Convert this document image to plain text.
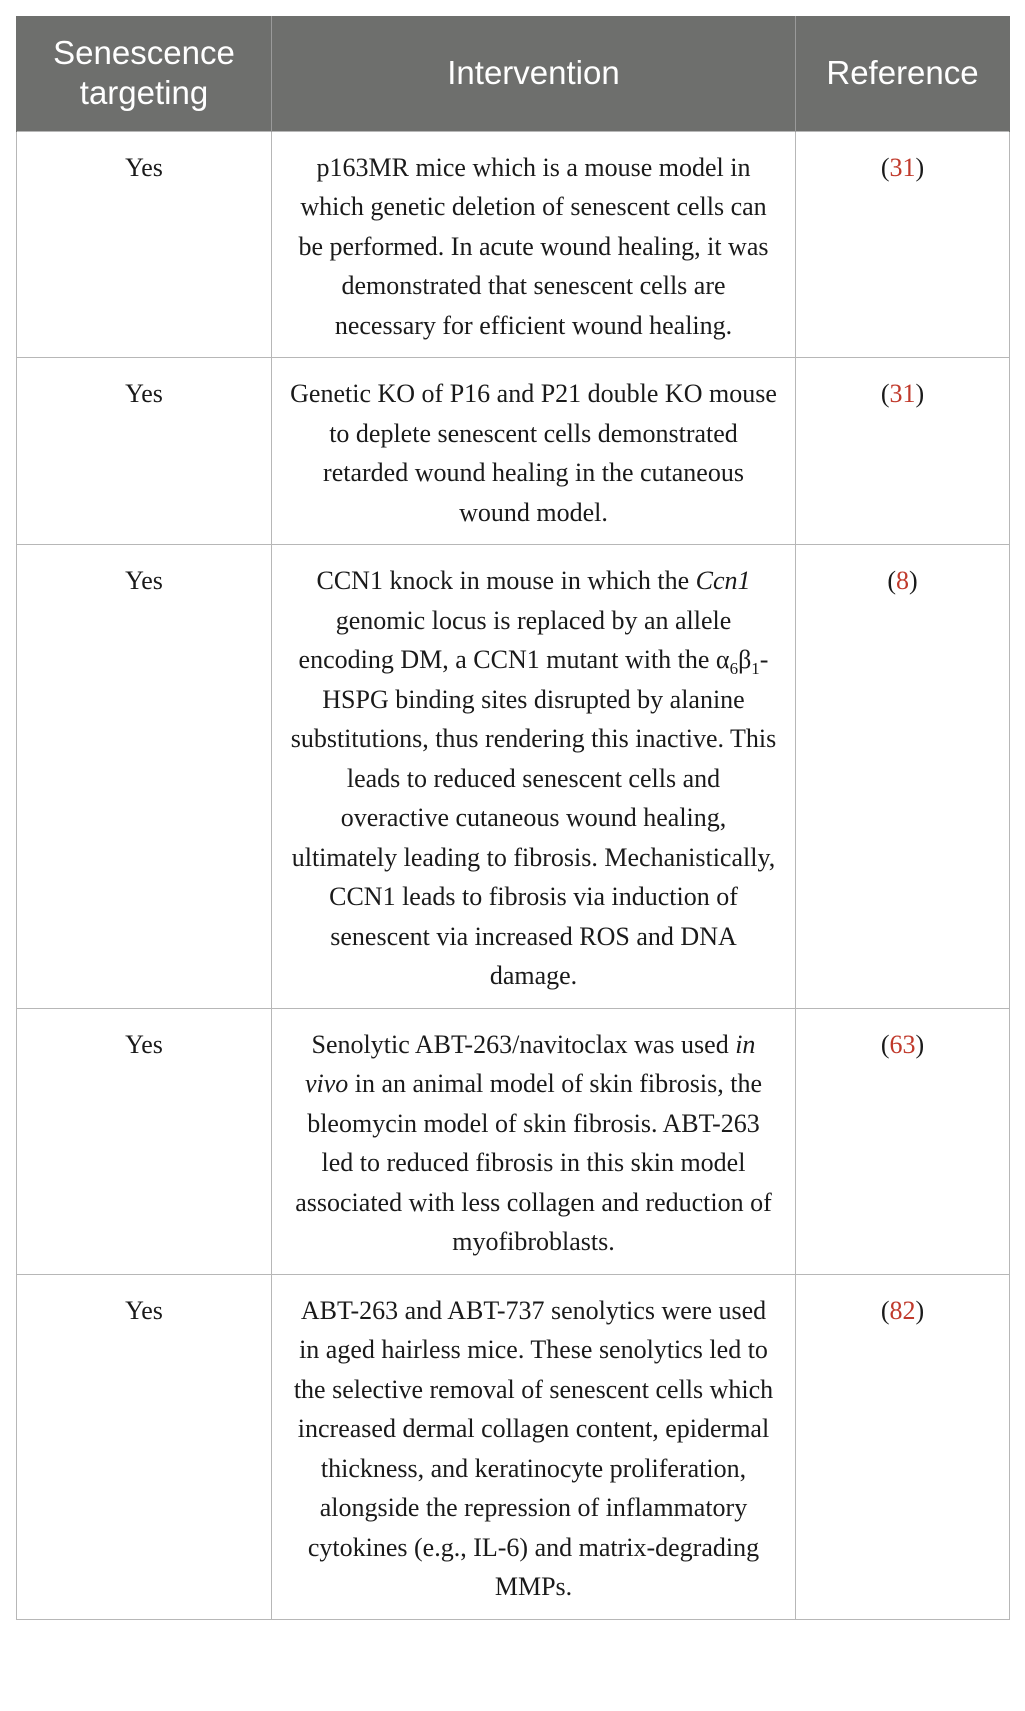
Senescence targeting	Intervention	Reference
Yes	p163MR mice which is a mouse model in which genetic deletion of senescent cells can be performed. In acute wound healing, it was demonstrated that senescent cells are necessary for efficient wound healing.	(31)
Yes	Genetic KO of P16 and P21 double KO mouse to deplete senescent cells demonstrated retarded wound healing in the cutaneous wound model.	(31)
Yes	CCN1 knock in mouse in which the Ccn1 genomic locus is replaced by an allele encoding DM, a CCN1 mutant with the $\alpha_6\beta_1$-HSPG binding sites disrupted by alanine substitutions, thus rendering this inactive. This leads to reduced senescent cells and overactive cutaneous wound healing, ultimately leading to fibrosis. Mechanistically, CCN1 leads to fibrosis via induction of senescent via increased ROS and DNA damage.	(8)
Yes	Senolytic ABT-263/navitoclax was used in vivo in an animal model of skin fibrosis, the bleomycin model of skin fibrosis. ABT-263 led to reduced fibrosis in this skin model associated with less collagen and reduction of myofibroblasts.	(63)
Yes	ABT-263 and ABT-737 senolytics were used in aged hairless mice. These senolytics led to the selective removal of senescent cells which increased dermal collagen content, epidermal thickness, and keratinocyte proliferation, alongside the repression of inflammatory cytokines (e.g., IL-6) and matrix-degrading MMPs.	(82)
